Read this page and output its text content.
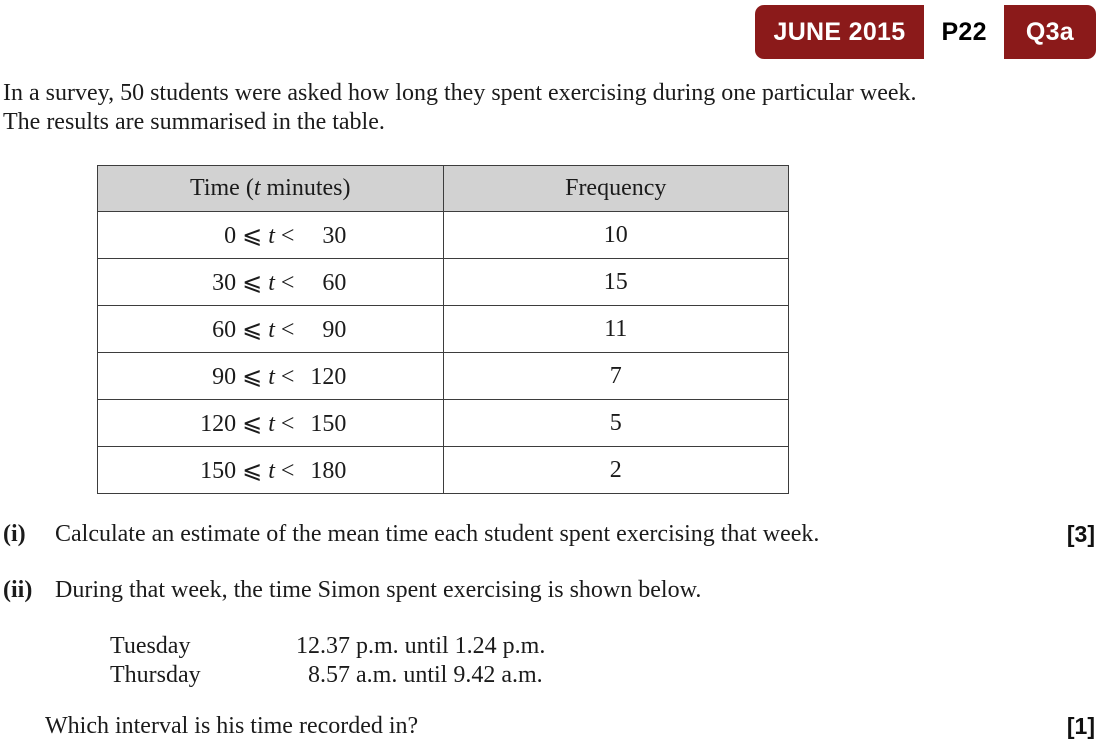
JUNE 2015	P22	Q3a
In a survey, 50 students were asked how long they spent exercising during one particular week.
The results are summarised in the table.
Time (t minutes)	Frequency
0 ⩽ t < 30	10
30 ⩽ t < 60	15
60 ⩽ t < 90	11
90 ⩽ t < 120	7
120 ⩽ t < 150	5
150 ⩽ t < 180	2
(i) Calculate an estimate of the mean time each student spent exercising that week.	[3]
(ii) During that week, the time Simon spent exercising is shown below.
Tuesday	12.37 p.m. until 1.24 p.m.
Thursday	8.57 a.m. until 9.42 a.m.
Which interval is his time recorded in?	[1]
